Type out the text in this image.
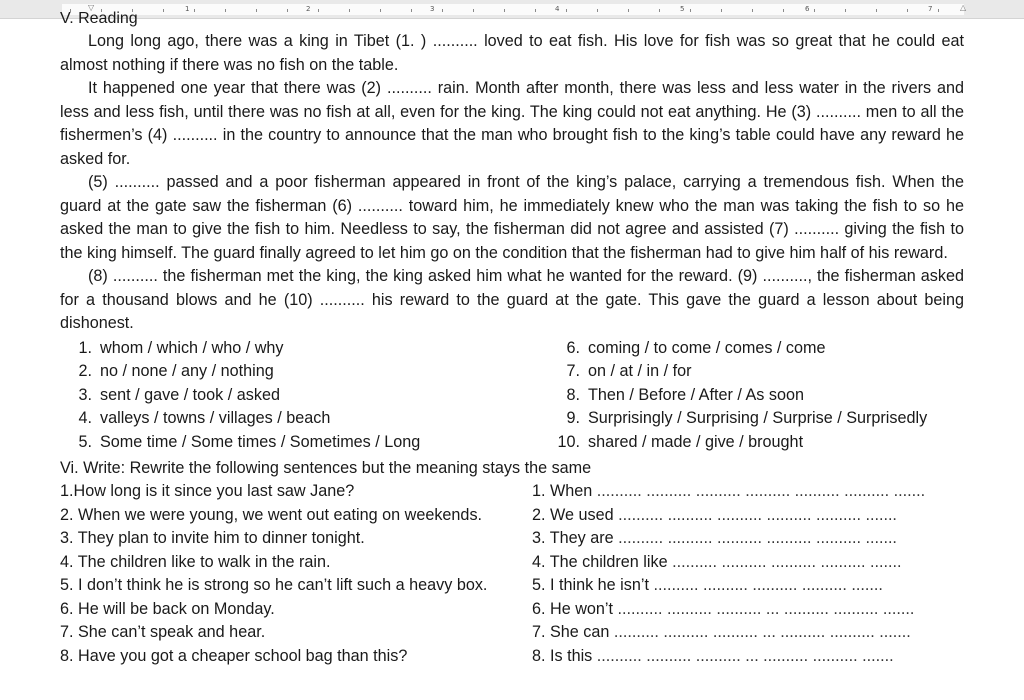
▽	△
1	2	3	4	5	6	7
V. Reading

Long long ago, there was a king in Tibet (1. ) .......... loved to eat fish. His love for fish was so great that he could eat almost nothing if there was no fish on the table.

It happened one year that there was (2) .......... rain. Month after month, there was less and less water in the rivers and less and less fish, until there was no fish at all, even for the king. The king could not eat anything. He (3) .......... men to all the fishermen’s (4) .......... in the country to announce that the man who brought fish to the king’s table could have any reward he asked for.

(5) .......... passed and a poor fisherman appeared in front of the king’s palace, carrying a tremendous fish. When the guard at the gate saw the fisherman (6) .......... toward him, he immediately knew who the man was taking the fish to so he asked the man to give the fish to him. Needless to say, the fisherman did not agree and assisted (7) .......... giving the fish to the king himself. The guard finally agreed to let him go on the condition that the fisherman had to give him half of his reward.

(8) .......... the fisherman met the king, the king asked him what he wanted for the reward. (9) .........., the fisherman asked for a thousand blows and he (10) .......... his reward to the guard at the gate. This gave the guard a lesson about being dishonest.

1. whom / which / who / why
2. no / none / any / nothing
3. sent / gave / took / asked
4. valleys / towns / villages / beach
5. Some time / Some times / Sometimes / Long
6. coming / to come / comes / come
7. on / at / in / for
8. Then / Before / After / As soon
9. Surprisingly / Surprising / Surprise / Surprisedly
10. shared / made / give / brought
Vi. Write: Rewrite the following sentences but the meaning stays the same
1.How long is it since you last saw Jane?	1. When .......... .......... .......... .......... .......... .......... .......
2. When we were young, we went out eating on weekends.	2. We used .......... .......... .......... .......... .......... .......
3. They plan to invite him to dinner tonight.	3. They are .......... .......... .......... .......... .......... .......
4. The children like to walk in the rain.	4. The children like .......... .......... .......... .......... .......
5. I don’t think he is strong so he can’t lift such a heavy box.	5. I think he isn’t .......... .......... .......... .......... .......
6. He will be back on Monday.	6. He won’t .......... .......... .......... ... .......... .......... .......
7. She can’t speak and hear.	7. She can .......... .......... .......... ... .......... .......... .......
8. Have you got a cheaper school bag than this?	8. Is this .......... .......... .......... ... .......... .......... .......
